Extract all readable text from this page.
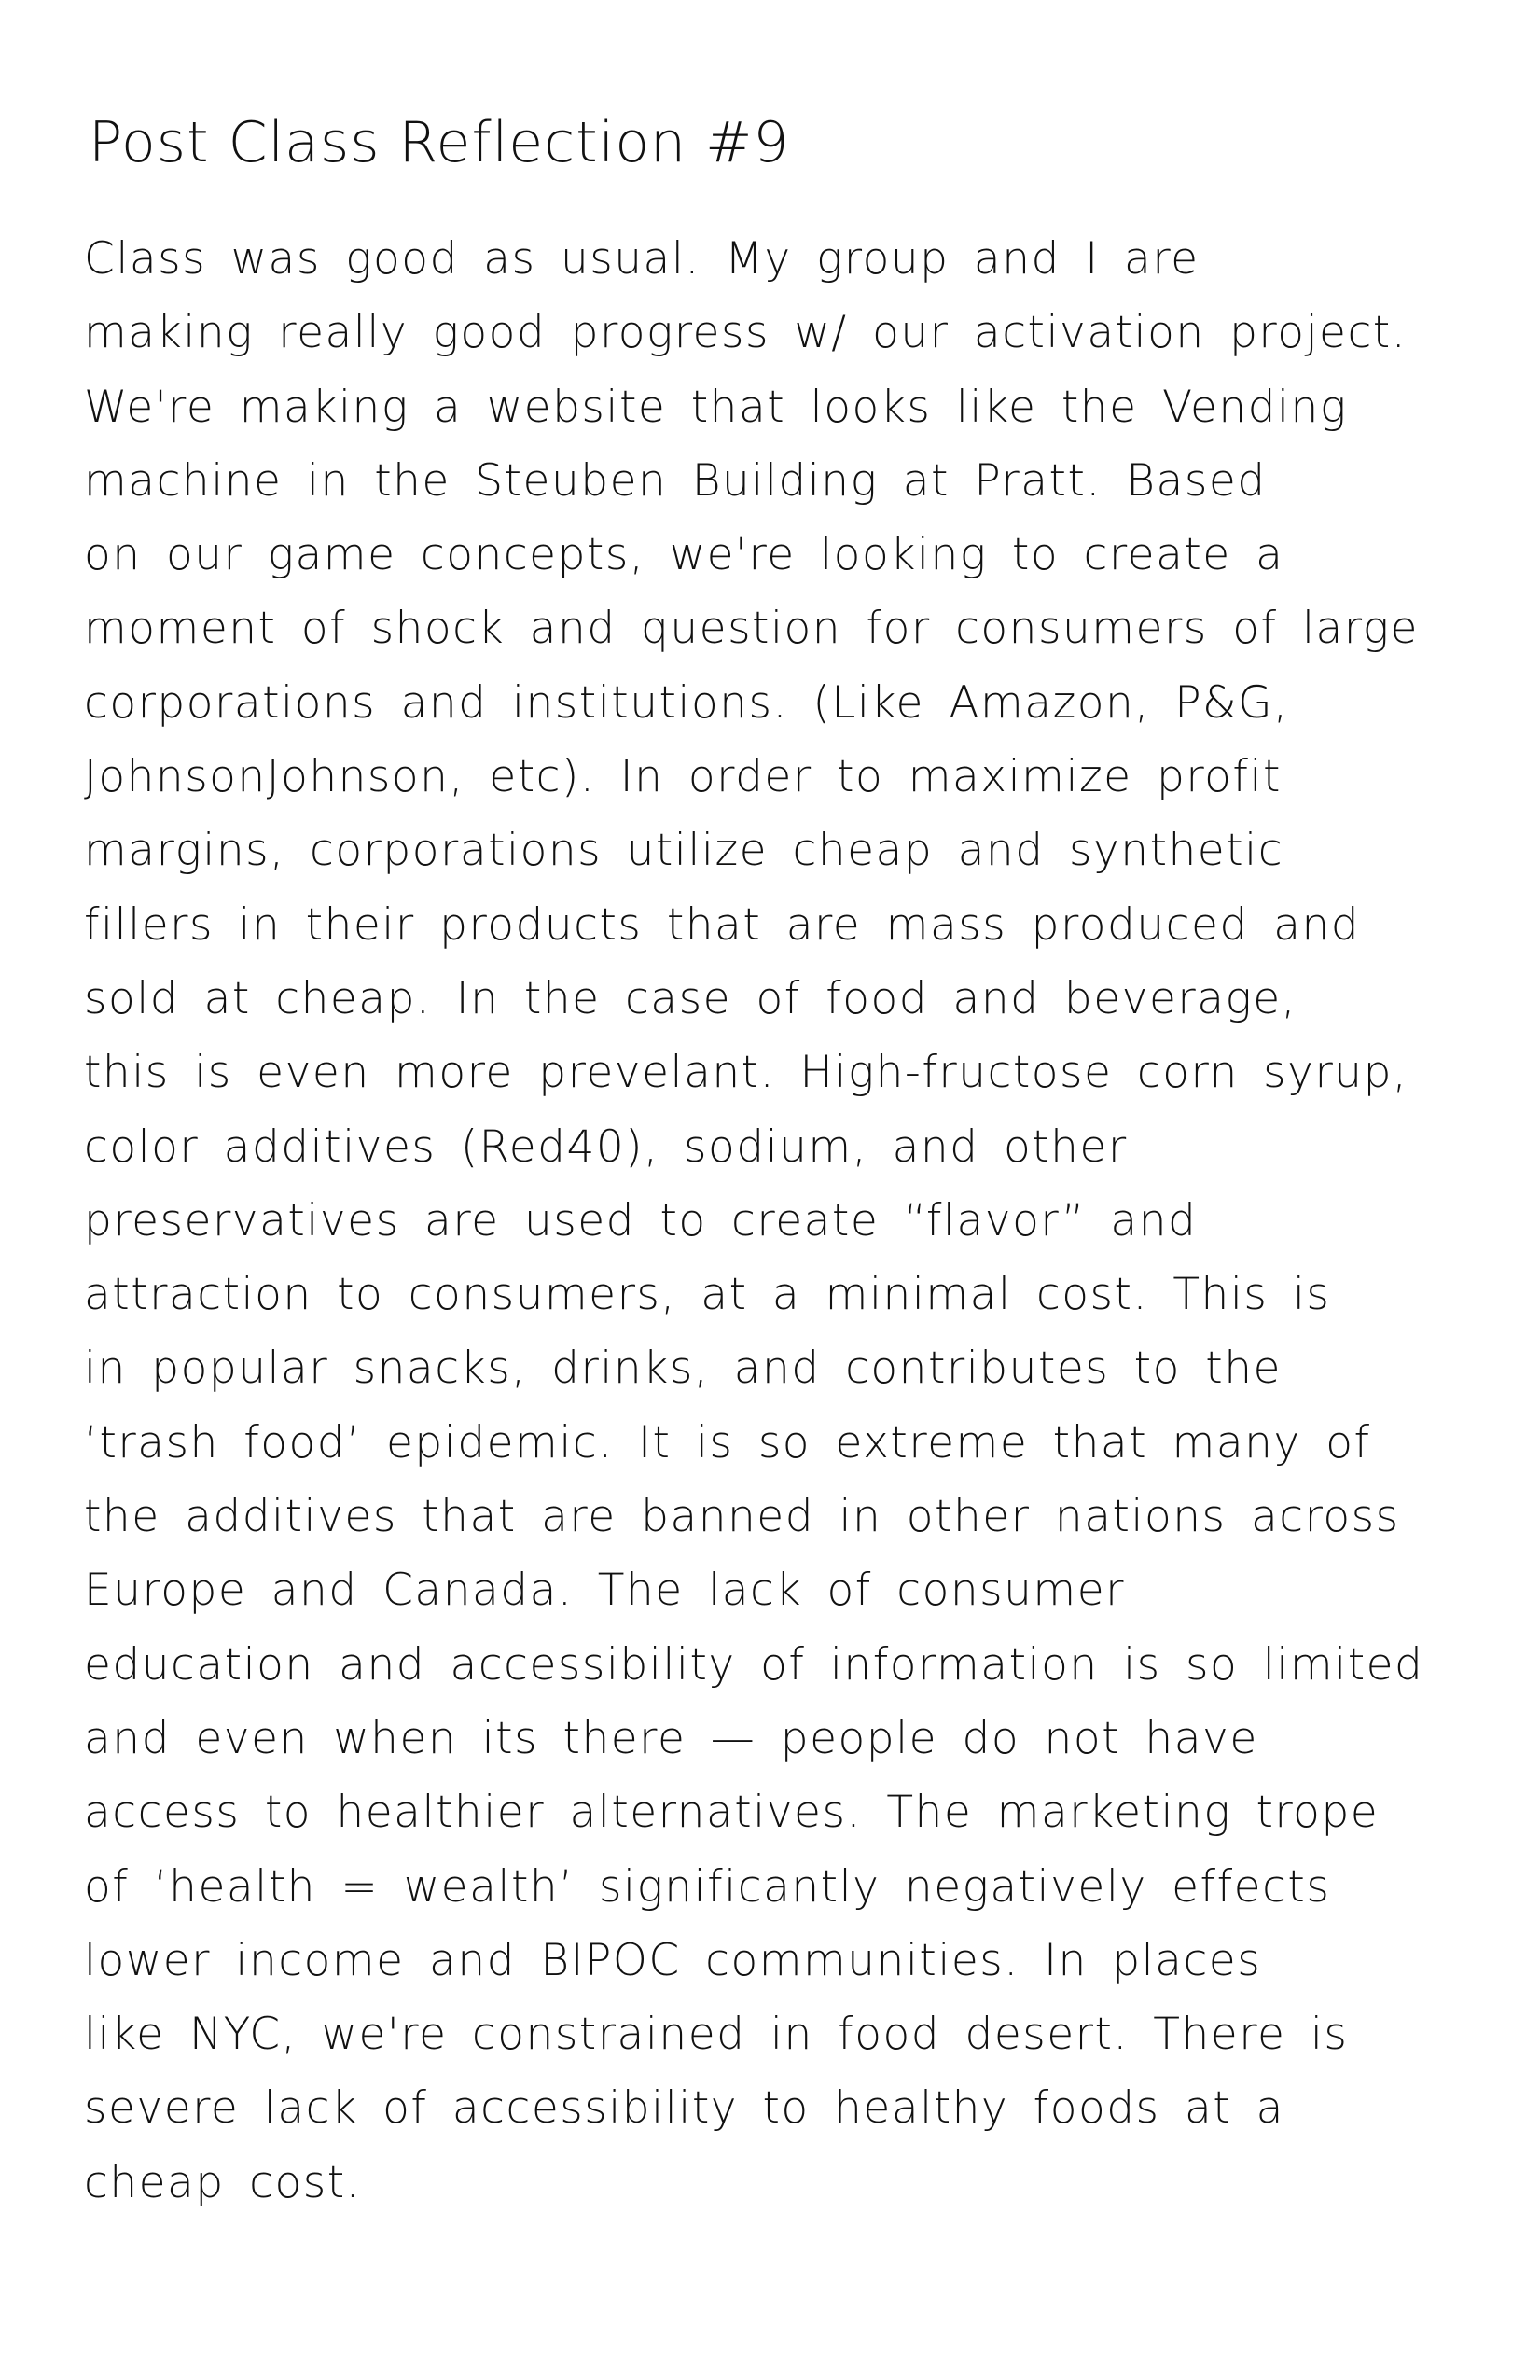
Post Class Reflection #9
Class was good as usual. My group and I are
making really good progress w/ our activation project.
We're making a website that looks like the Vending
machine in the Steuben Building at Pratt. Based
on our game concepts, we're looking to create a
moment of shock and question for consumers of large
corporations and institutions. (Like Amazon, P&G,
JohnsonJohnson, etc). In order to maximize profit
margins, corporations utilize cheap and synthetic
fillers in their products that are mass produced and
sold at cheap. In the case of food and beverage,
this is even more prevelant. High-fructose corn syrup,
color additives (Red40), sodium, and other
preservatives are used to create “flavor” and
attraction to consumers, at a minimal cost. This is
in popular snacks, drinks, and contributes to the
‘trash food’ epidemic. It is so extreme that many of
the additives that are banned in other nations across
Europe and Canada. The lack of consumer
education and accessibility of information is so limited
and even when its there — people do not have
access to healthier alternatives. The marketing trope
of ‘health = wealth’ significantly negatively effects
lower income and BIPOC communities. In places
like NYC, we're constrained in food desert. There is
severe lack of accessibility to healthy foods at a
cheap cost.
